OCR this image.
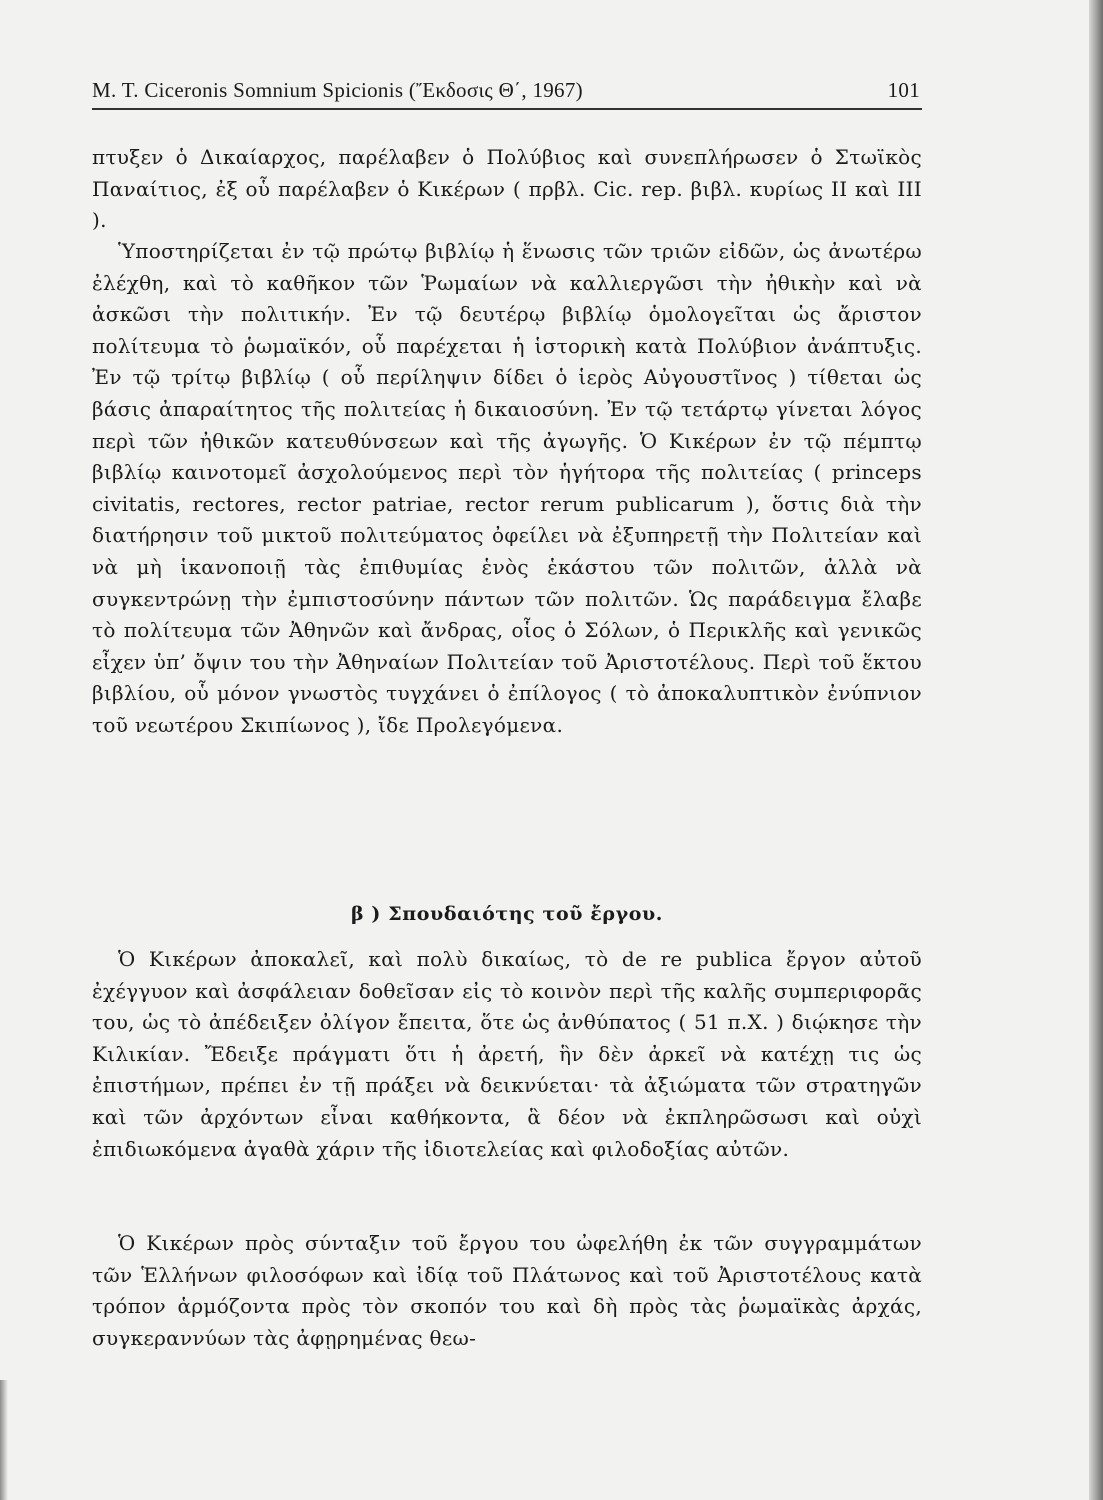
M. T. Ciceronis Somnium Spicionis (Ἔκδοσις Θ΄, 1967)	101

πτυξεν ὁ Δικαίαρχος, παρέλαβεν ὁ Πολύβιος καὶ συνεπλήρωσεν ὁ Στωϊκὸς Παναίτιος, ἐξ οὗ παρέλαβεν ὁ Κικέρων ( πρβλ. Cic. rep. βιβλ. κυρίως II καὶ III ).

Ὑποστηρίζεται ἐν τῷ πρώτῳ βιβλίῳ ἡ ἕνωσις τῶν τριῶν εἰδῶν, ὡς ἀνωτέρω ἐλέχθη, καὶ τὸ καθῆκον τῶν Ῥωμαίων νὰ καλλιεργῶσι τὴν ἠθικὴν καὶ νὰ ἀσκῶσι τὴν πολιτικήν. Ἐν τῷ δευτέρῳ βιβλίῳ ὁμολογεῖται ὡς ἄριστον πολίτευμα τὸ ῥωμαϊκόν, οὗ παρέχεται ἡ ἱστορικὴ κατὰ Πολύβιον ἀνάπτυξις. Ἐν τῷ τρίτῳ βιβλίῳ ( οὗ περίληψιν δίδει ὁ ἱερὸς Αὐγουστῖνος ) τίθεται ὡς βάσις ἀπαραίτητος τῆς πολιτείας ἡ δικαιοσύνη. Ἐν τῷ τετάρτῳ γίνεται λόγος περὶ τῶν ἠθικῶν κατευθύνσεων καὶ τῆς ἀγωγῆς. Ὁ Κικέρων ἐν τῷ πέμπτῳ βιβλίῳ καινοτομεῖ ἀσχολούμενος περὶ τὸν ἡγήτορα τῆς πολιτείας ( princeps civitatis, rectores, rector patriae, rector rerum publicarum ), ὅστις διὰ τὴν διατήρησιν τοῦ μικτοῦ πολιτεύματος ὀφείλει νὰ ἐξυπηρετῇ τὴν Πολιτείαν καὶ νὰ μὴ ἱκανοποιῇ τὰς ἐπιθυμίας ἑνὸς ἑκάστου τῶν πολιτῶν, ἀλλὰ νὰ συγκεντρώνῃ τὴν ἐμπιστοσύνην πάντων τῶν πολιτῶν. Ὡς παράδειγμα ἔλαβε τὸ πολίτευμα τῶν Ἀθηνῶν καὶ ἄνδρας, οἷος ὁ Σόλων, ὁ Περικλῆς καὶ γενικῶς εἶχεν ὑπ’ ὄψιν του τὴν Ἀθηναίων Πολιτείαν τοῦ Ἀριστοτέλους. Περὶ τοῦ ἕκτου βιβλίου, οὗ μόνον γνωστὸς τυγχάνει ὁ ἐπίλογος ( τὸ ἀποκαλυπτικὸν ἐνύπνιον τοῦ νεωτέρου Σκιπίωνος ), ἴδε Προλεγόμενα.

β ) Σπουδαιότης τοῦ ἔργου.

Ὁ Κικέρων ἀποκαλεῖ, καὶ πολὺ δικαίως, τὸ de re publica ἔργον αὐτοῦ ἐχέγγυον καὶ ἀσφάλειαν δοθεῖσαν εἰς τὸ κοινὸν περὶ τῆς καλῆς συμπεριφορᾶς του, ὡς τὸ ἀπέδειξεν ὀλίγον ἔπειτα, ὅτε ὡς ἀνθύπατος ( 51 π.Χ. ) διῴκησε τὴν Κιλικίαν. Ἔδειξε πράγματι ὅτι ἡ ἀρετή, ἣν δὲν ἀρκεῖ νὰ κατέχῃ τις ὡς ἐπιστήμων, πρέπει ἐν τῇ πράξει νὰ δεικνύεται· τὰ ἀξιώματα τῶν στρατηγῶν καὶ τῶν ἀρχόντων εἶναι καθήκοντα, ἃ δέον νὰ ἐκπληρῶσωσι καὶ οὐχὶ ἐπιδιωκόμενα ἀγαθὰ χάριν τῆς ἰδιοτελείας καὶ φιλοδοξίας αὐτῶν.

Ὁ Κικέρων πρὸς σύνταξιν τοῦ ἔργου του ὠφελήθη ἐκ τῶν συγγραμμάτων τῶν Ἑλλήνων φιλοσόφων καὶ ἰδίᾳ τοῦ Πλάτωνος καὶ τοῦ Ἀριστοτέλους κατὰ τρόπον ἁρμόζοντα πρὸς τὸν σκοπόν του καὶ δὴ πρὸς τὰς ῥωμαϊκὰς ἀρχάς, συγκεραννύων τὰς ἀφῃρημένας θεω-
